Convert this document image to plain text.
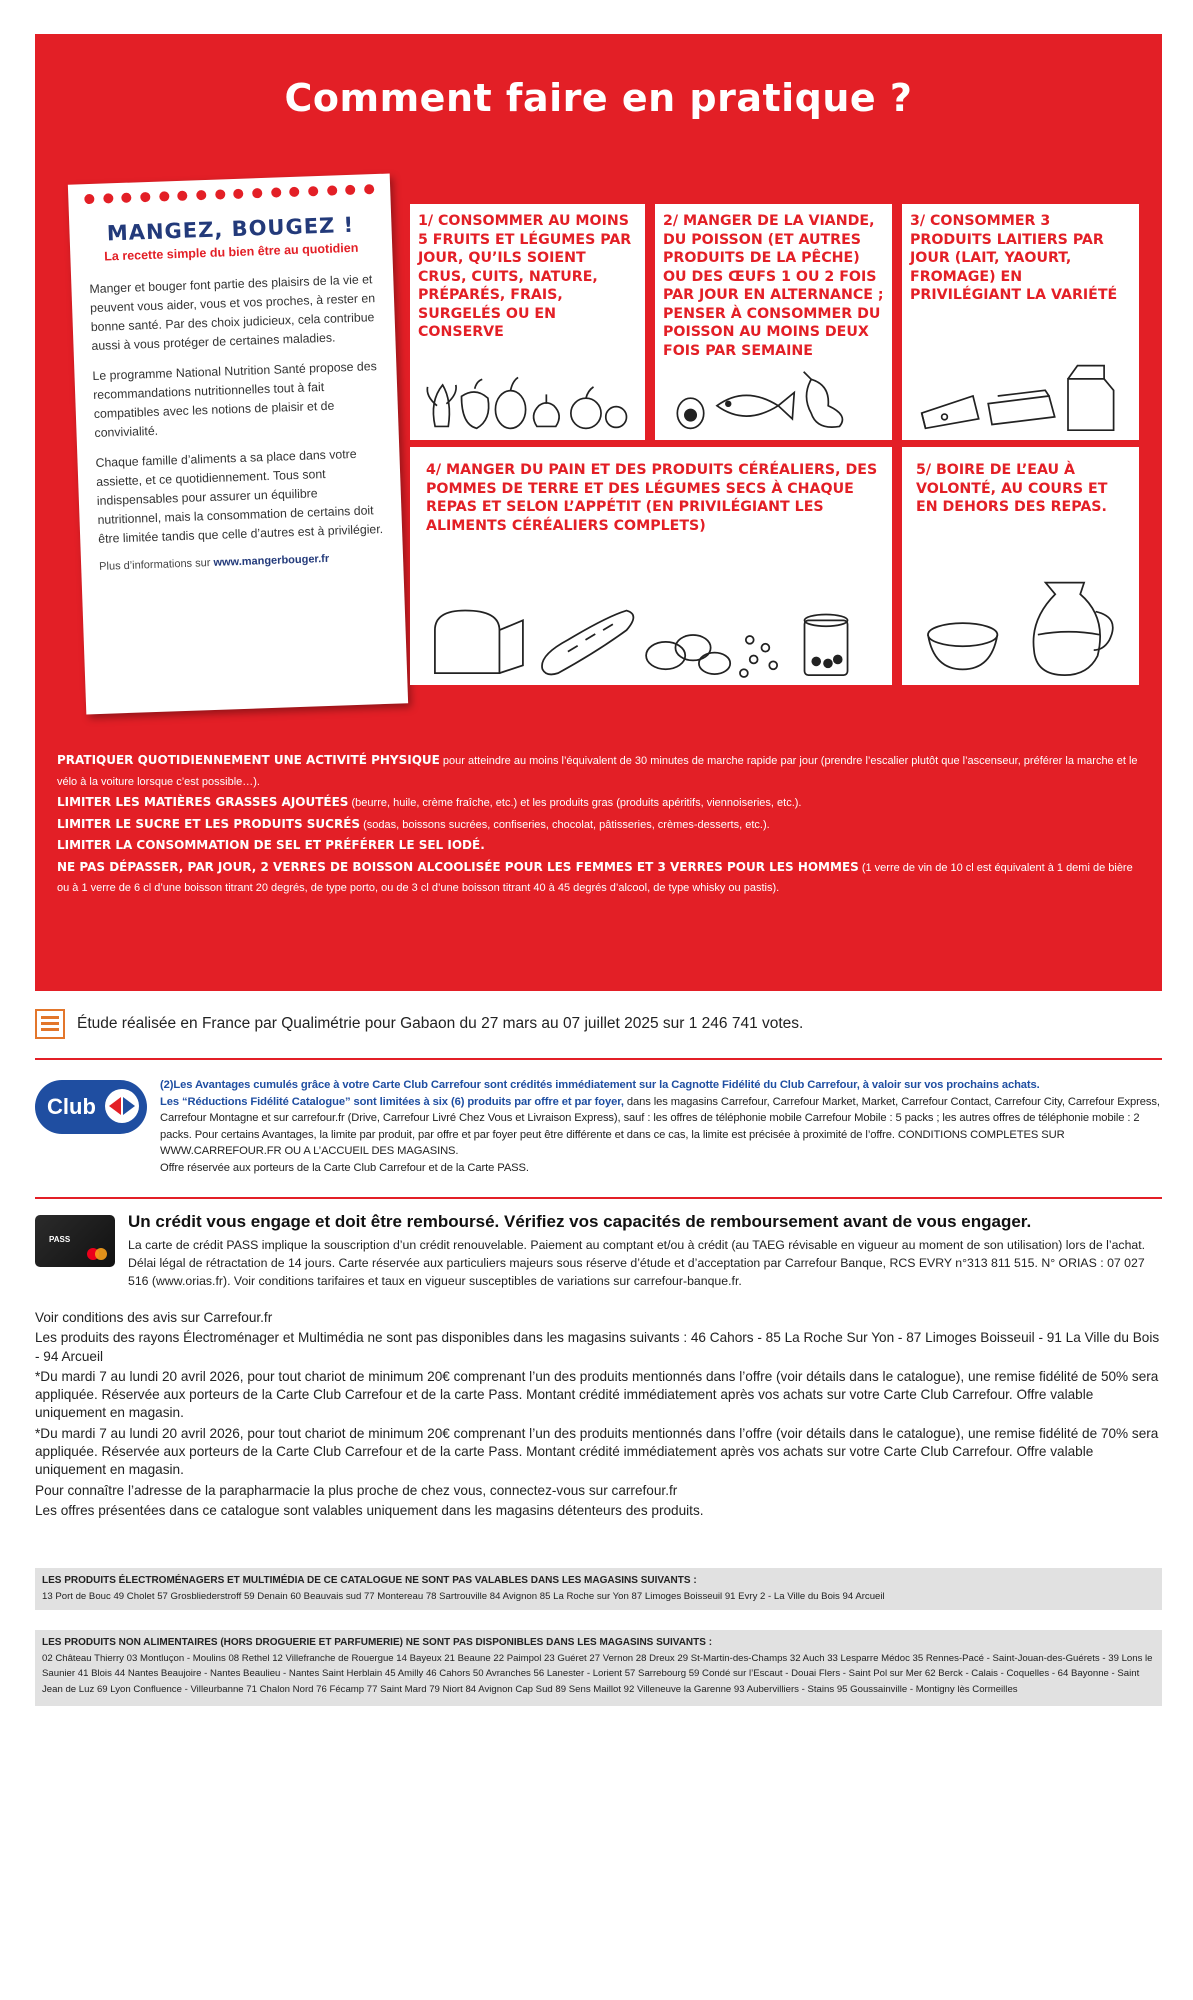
Comment faire en pratique ?
MANGEZ, BOUGEZ !
La recette simple du bien être au quotidien

Manger et bouger font partie des plaisirs de la vie et peuvent vous aider, vous et vos proches, à rester en bonne santé. Par des choix judicieux, cela contribue aussi à vous protéger de certaines maladies.

Le programme National Nutrition Santé propose des recommandations nutritionnelles tout à fait compatibles avec les notions de plaisir et de convivialité.

Chaque famille d’aliments a sa place dans votre assiette, et ce quotidiennement. Tous sont indispensables pour assurer un équilibre nutritionnel, mais la consommation de certains doit être limitée tandis que celle d’autres est à privilégier.

Plus d’informations sur www.mangerbouger.fr
1/ CONSOMMER AU MOINS 5 FRUITS ET LÉGUMES PAR JOUR, QU’ILS SOIENT CRUS, CUITS, NATURE, PRÉPARÉS, FRAIS, SURGELÉS OU EN CONSERVE
2/ MANGER DE LA VIANDE, DU POISSON (ET AUTRES PRODUITS DE LA PÊCHE) OU DES ŒUFS 1 OU 2 FOIS PAR JOUR EN ALTERNANCE ; PENSER À CONSOMMER DU POISSON AU MOINS DEUX FOIS PAR SEMAINE
3/ CONSOMMER 3 PRODUITS LAITIERS PAR JOUR (LAIT, YAOURT, FROMAGE) EN PRIVILÉGIANT LA VARIÉTÉ
4/ MANGER DU PAIN ET DES PRODUITS CÉRÉALIERS, DES POMMES DE TERRE ET DES LÉGUMES SECS À CHAQUE REPAS ET SELON L’APPÉTIT (EN PRIVILÉGIANT LES ALIMENTS CÉRÉALIERS COMPLETS)
5/ BOIRE DE L’EAU À VOLONTÉ, AU COURS ET EN DEHORS DES REPAS.
PRATIQUER QUOTIDIENNEMENT UNE ACTIVITÉ PHYSIQUE pour atteindre au moins l’équivalent de 30 minutes de marche rapide par jour (prendre l’escalier plutôt que l’ascenseur, préférer la marche et le vélo à la voiture lorsque c’est possible…).
LIMITER LES MATIÈRES GRASSES AJOUTÉES (beurre, huile, crème fraîche, etc.) et les produits gras (produits apéritifs, viennoiseries, etc.).
LIMITER LE SUCRE ET LES PRODUITS SUCRÉS (sodas, boissons sucrées, confiseries, chocolat, pâtisseries, crèmes-desserts, etc.).
LIMITER LA CONSOMMATION DE SEL ET PRÉFÉRER LE SEL IODÉ.
NE PAS DÉPASSER, PAR JOUR, 2 VERRES DE BOISSON ALCOOLISÉE POUR LES FEMMES ET 3 VERRES POUR LES HOMMES (1 verre de vin de 10 cl est équivalent à 1 demi de bière ou à 1 verre de 6 cl d’une boisson titrant 20 degrés, de type porto, ou de 3 cl d’une boisson titrant 40 à 45 degrés d’alcool, de type whisky ou pastis).
Étude réalisée en France par Qualimétrie pour Gabaon du 27 mars au 07 juillet 2025 sur 1 246 741 votes.
Club
(2)Les Avantages cumulés grâce à votre Carte Club Carrefour sont crédités immédiatement sur la Cagnotte Fidélité du Club Carrefour, à valoir sur vos prochains achats.
Les “Réductions Fidélité Catalogue” sont limitées à six (6) produits par offre et par foyer, dans les magasins Carrefour, Carrefour Market, Market, Carrefour Contact, Carrefour City, Carrefour Express, Carrefour Montagne et sur carrefour.fr (Drive, Carrefour Livré Chez Vous et Livraison Express), sauf : les offres de téléphonie mobile Carrefour Mobile : 5 packs ; les autres offres de téléphonie mobile : 2 packs. Pour certains Avantages, la limite par produit, par offre et par foyer peut être différente et dans ce cas, la limite est précisée à proximité de l’offre. CONDITIONS COMPLETES SUR WWW.CARREFOUR.FR OU A L’ACCUEIL DES MAGASINS.
Offre réservée aux porteurs de la Carte Club Carrefour et de la Carte PASS.
PASS
Un crédit vous engage et doit être remboursé. Vérifiez vos capacités de remboursement avant de vous engager.
La carte de crédit PASS implique la souscription d’un crédit renouvelable. Paiement au comptant et/ou à crédit (au TAEG révisable en vigueur au moment de son utilisation) lors de l’achat. Délai légal de rétractation de 14 jours. Carte réservée aux particuliers majeurs sous réserve d’étude et d’acceptation par Carrefour Banque, RCS EVRY n°313 811 515. N° ORIAS : 07 027 516 (www.orias.fr). Voir conditions tarifaires et taux en vigueur susceptibles de variations sur carrefour-banque.fr.

Voir conditions des avis sur Carrefour.fr

Les produits des rayons Électroménager et Multimédia ne sont pas disponibles dans les magasins suivants : 46 Cahors - 85 La Roche Sur Yon - 87 Limoges Boisseuil - 91 La Ville du Bois - 94 Arcueil

*Du mardi 7 au lundi 20 avril 2026, pour tout chariot de minimum 20€ comprenant l’un des produits mentionnés dans l’offre (voir détails dans le catalogue), une remise fidélité de 50% sera appliquée. Réservée aux porteurs de la Carte Club Carrefour et de la carte Pass. Montant crédité immédiatement après vos achats sur votre Carte Club Carrefour. Offre valable uniquement en magasin.

*Du mardi 7 au lundi 20 avril 2026, pour tout chariot de minimum 20€ comprenant l’un des produits mentionnés dans l’offre (voir détails dans le catalogue), une remise fidélité de 70% sera appliquée. Réservée aux porteurs de la Carte Club Carrefour et de la carte Pass. Montant crédité immédiatement après vos achats sur votre Carte Club Carrefour. Offre valable uniquement en magasin.

Pour connaître l’adresse de la parapharmacie la plus proche de chez vous, connectez-vous sur carrefour.fr

Les offres présentées dans ce catalogue sont valables uniquement dans les magasins détenteurs des produits.

LES PRODUITS ÉLECTROMÉNAGERS ET MULTIMÉDIA DE CE CATALOGUE NE SONT PAS VALABLES DANS LES MAGASINS SUIVANTS :
13 Port de Bouc 49 Cholet 57 Grosbliederstroff 59 Denain 60 Beauvais sud 77 Montereau 78 Sartrouville 84 Avignon 85 La Roche sur Yon 87 Limoges Boisseuil 91 Evry 2 - La Ville du Bois 94 Arcueil
LES PRODUITS NON ALIMENTAIRES (HORS DROGUERIE ET PARFUMERIE) NE SONT PAS DISPONIBLES DANS LES MAGASINS SUIVANTS :
02 Château Thierry 03 Montluçon - Moulins 08 Rethel 12 Villefranche de Rouergue 14 Bayeux 21 Beaune 22 Paimpol 23 Guéret 27 Vernon 28 Dreux 29 St-Martin-des-Champs 32 Auch 33 Lesparre Médoc 35 Rennes-Pacé - Saint-Jouan-des-Guérets - 39 Lons le Saunier 41 Blois 44 Nantes Beaujoire - Nantes Beaulieu - Nantes Saint Herblain 45 Amilly 46 Cahors 50 Avranches 56 Lanester - Lorient 57 Sarrebourg 59 Condé sur l’Escaut - Douai Flers - Saint Pol sur Mer 62 Berck - Calais - Coquelles - 64 Bayonne - Saint Jean de Luz 69 Lyon Confluence - Villeurbanne 71 Chalon Nord 76 Fécamp 77 Saint Mard 79 Niort 84 Avignon Cap Sud 89 Sens Maillot 92 Villeneuve la Garenne 93 Aubervilliers - Stains 95 Goussainville - Montigny lès Cormeilles
